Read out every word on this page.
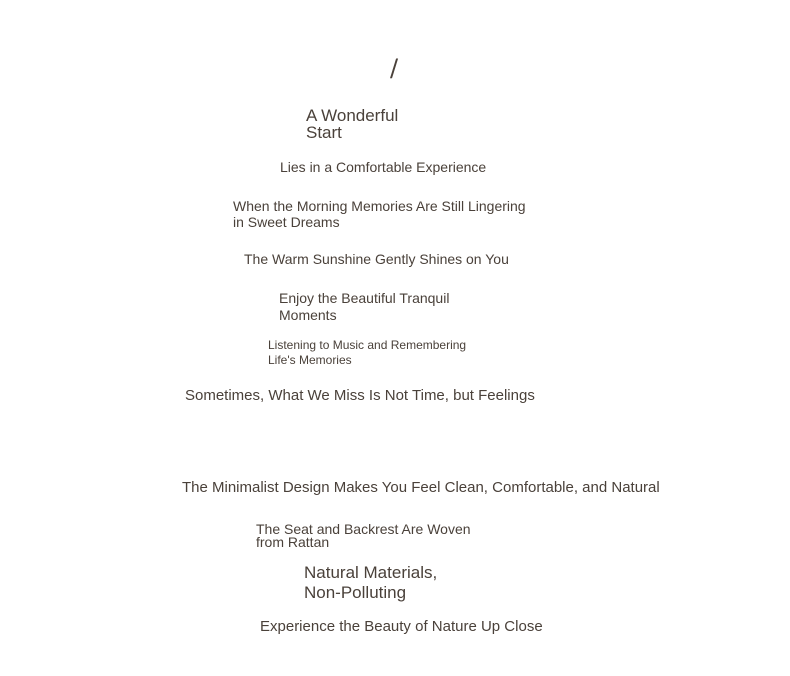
/

A Wonderful
Start

Lies in a Comfortable Experience

When the Morning Memories Are Still Lingering
in Sweet Dreams

The Warm Sunshine Gently Shines on You

Enjoy the Beautiful Tranquil
Moments

Listening to Music and Remembering
Life's Memories

Sometimes, What We Miss Is Not Time, but Feelings

The Minimalist Design Makes You Feel Clean, Comfortable, and Natural

The Seat and Backrest Are Woven
from Rattan

Natural Materials,
Non-Polluting

Experience the Beauty of Nature Up Close
